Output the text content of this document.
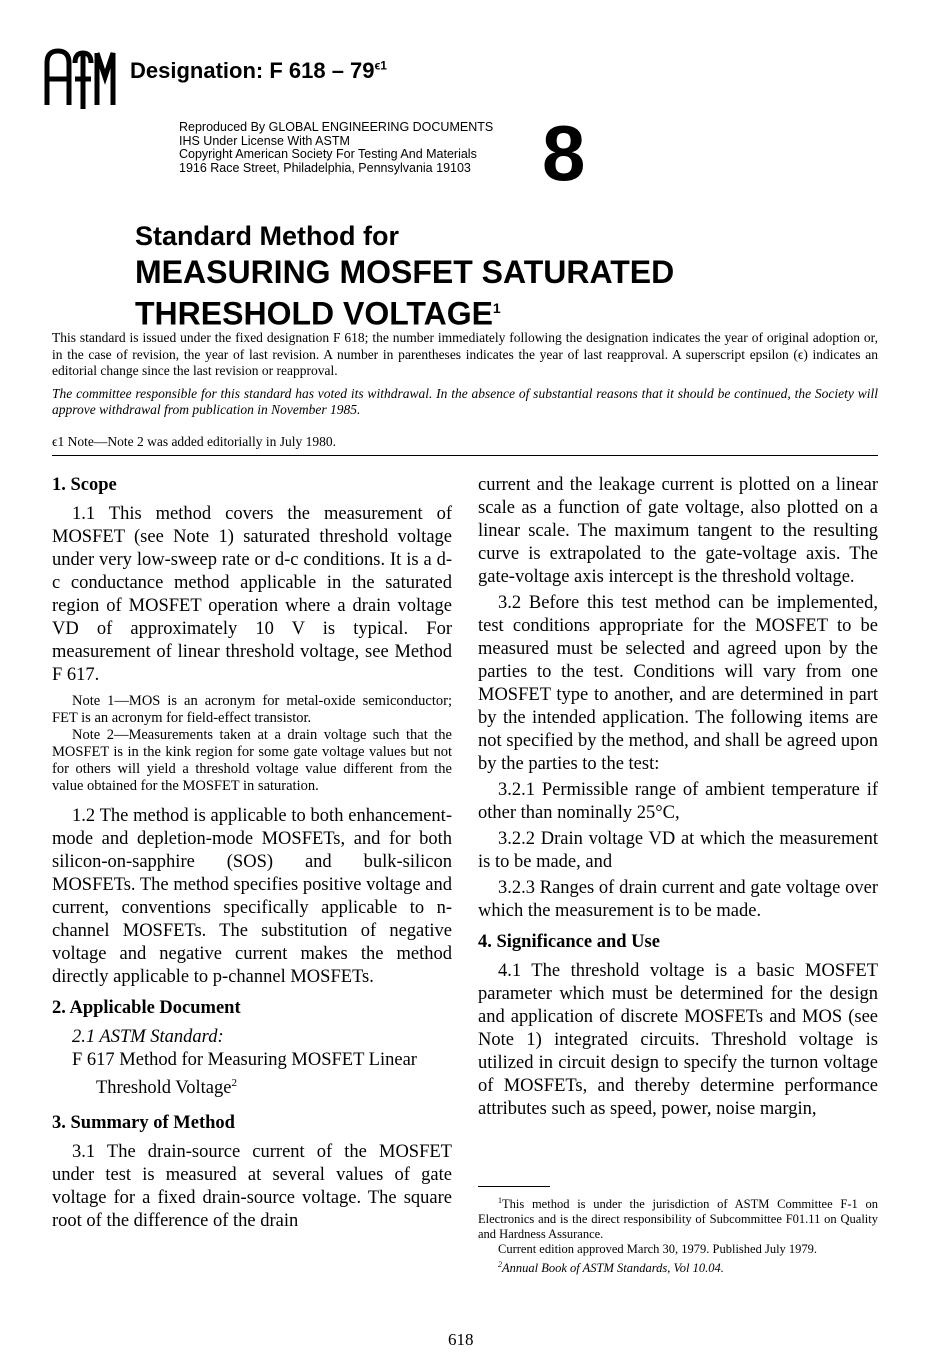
Designation: F $618 - 79^{\epsilon 1}$
Reproduced By GLOBAL ENGINEERING DOCUMENTS
IHS Under License With ASTM
Copyright American Society For Testing And Materials
1916 Race Street, Philadelphia, Pennsylvania 19103 8
Standard Method for
MEASURING MOSFET SATURATED THRESHOLD VOLTAGE$^1$

This standard is issued under the fixed designation F 618; the number immediately following the designation indicates the year of original adoption or, in the case of revision, the year of last revision. A number in parentheses indicates the year of last reapproval. A superscript epsilon (ϵ) indicates an editorial change since the last revision or reapproval.

The committee responsible for this standard has voted its withdrawal. In the absence of substantial reasons that it should be continued, the Society will approve withdrawal from publication in November 1985.

ϵ1 Note—Note 2 was added editorially in July 1980.
1. Scope

1.1 This method covers the measurement of MOSFET (see Note 1) saturated threshold voltage under very low-sweep rate or d-c conditions. It is a d-c conductance method applicable in the saturated region of MOSFET operation where a drain voltage VD of approximately 10 V is typical. For measurement of linear threshold voltage, see Method F 617.

Note 1—MOS is an acronym for metal-oxide semiconductor; FET is an acronym for field-effect transistor.

Note 2—Measurements taken at a drain voltage such that the MOSFET is in the kink region for some gate voltage values but not for others will yield a threshold voltage value different from the value obtained for the MOSFET in saturation.

1.2 The method is applicable to both enhancement-mode and depletion-mode MOSFETs, and for both silicon-on-sapphire (SOS) and bulk-silicon MOSFETs. The method specifies positive voltage and current, conventions specifically applicable to n-channel MOSFETs. The substitution of negative voltage and negative current makes the method directly applicable to p-channel MOSFETs.

2. Applicable Document

2.1 ASTM Standard:

F 617 Method for Measuring MOSFET Linear Threshold Voltage$^2$

3. Summary of Method

3.1 The drain-source current of the MOSFET under test is measured at several values of gate voltage for a fixed drain-source voltage. The square root of the difference of the drain

current and the leakage current is plotted on a linear scale as a function of gate voltage, also plotted on a linear scale. The maximum tangent to the resulting curve is extrapolated to the gate-voltage axis. The gate-voltage axis intercept is the threshold voltage.

3.2 Before this test method can be implemented, test conditions appropriate for the MOSFET to be measured must be selected and agreed upon by the parties to the test. Conditions will vary from one MOSFET type to another, and are determined in part by the intended application. The following items are not specified by the method, and shall be agreed upon by the parties to the test:

3.2.1 Permissible range of ambient temperature if other than nominally 25°C,

3.2.2 Drain voltage VD at which the measurement is to be made, and

3.2.3 Ranges of drain current and gate voltage over which the measurement is to be made.

4. Significance and Use

4.1 The threshold voltage is a basic MOSFET parameter which must be determined for the design and application of discrete MOSFETs and MOS (see Note 1) integrated circuits. Threshold voltage is utilized in circuit design to specify the turnon voltage of MOSFETs, and thereby determine performance attributes such as speed, power, noise margin,

$^1$This method is under the jurisdiction of ASTM Committee F-1 on Electronics and is the direct responsibility of Subcommittee F01.11 on Quality and Hardness Assurance.

Current edition approved March 30, 1979. Published July 1979.

$^2$Annual Book of ASTM Standards, Vol 10.04.

618
